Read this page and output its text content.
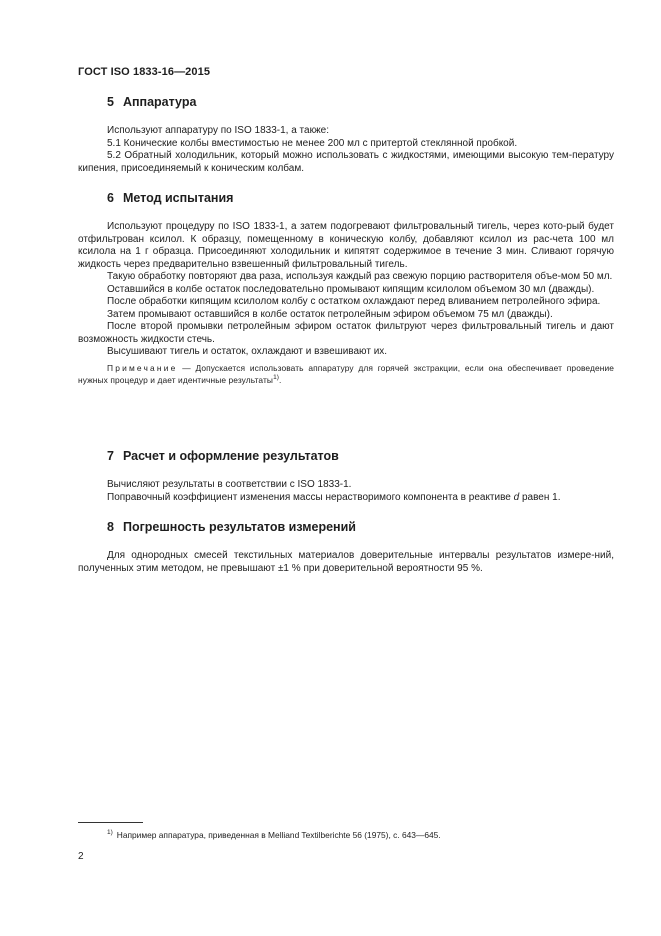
ГОСТ ISO 1833-16—2015
5 Аппаратура

Используют аппаратуру по ISO 1833-1, а также:

5.1 Конические колбы вместимостью не менее 200 мл с притертой стеклянной пробкой.

5.2 Обратный холодильник, который можно использовать с жидкостями, имеющими высокую тем-пературу кипения, присоединяемый к коническим колбам.

6 Метод испытания

Используют процедуру по ISO 1833-1, а затем подогревают фильтровальный тигель, через кото-рый будет отфильтрован ксилол. К образцу, помещенному в коническую колбу, добавляют ксилол из рас-чета 100 мл ксилола на 1 г образца. Присоединяют холодильник и кипятят содержимое в течение 3 мин. Сливают горячую жидкость через предварительно взвешенный фильтровальный тигель.

Такую обработку повторяют два раза, используя каждый раз свежую порцию растворителя объе-мом 50 мл.

Оставшийся в колбе остаток последовательно промывают кипящим ксилолом объемом 30 мл (дважды).

После обработки кипящим ксилолом колбу с остатком охлаждают перед вливанием петролейного эфира.

Затем промывают оставшийся в колбе остаток петролейным эфиром объемом 75 мл (дважды).

После второй промывки петролейным эфиром остаток фильтруют через фильтровальный тигель и дают возможность жидкости стечь.

Высушивают тигель и остаток, охлаждают и взвешивают их.

Примечание — Допускается использовать аппаратуру для горячей экстракции, если она обеспечивает проведение нужных процедур и дает идентичные результаты$^{1)}$.

7 Расчет и оформление результатов

Вычисляют результаты в соответствии с ISO 1833-1.

Поправочный коэффициент изменения массы нерастворимого компонента в реактиве d равен 1.

8 Погрешность результатов измерений

Для однородных смесей текстильных материалов доверительные интервалы результатов измере-ний, полученных этим методом, не превышают ±1 % при доверительной вероятности 95 %.

$^{1)}$ Например аппаратура, приведенная в Melliand Textilberichte 56 (1975), с. 643—645.
2
